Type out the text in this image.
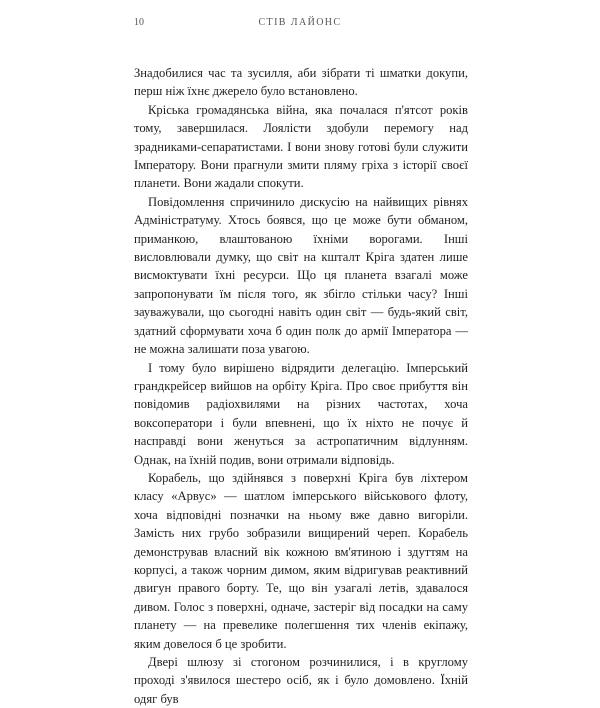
10	СТІВ ЛАЙОНС

Знадобилися час та зусилля, аби зібрати ті шматки докупи, перш ніж їхнє джерело було встановлено.

Кріська громадянська війна, яка почалася п'ятсот років тому, завершилася. Лоялісти здобули перемогу над зрадниками-сепаратистами. І вони знову готові були служити Імператору. Вони прагнули змити пляму гріха з історії своєї планети. Вони жадали спокути.

Повідомлення спричинило дискусію на найвищих рівнях Адміністратуму. Хтось боявся, що це може бути обманом, приманкою, влаштованою їхніми ворогами. Інші висловлювали думку, що світ на кшталт Кріга здатен лише висмоктувати їхні ресурси. Що ця планета взагалі може запропонувати їм після того, як збігло стільки часу? Інші зауважували, що сьогодні навіть один світ — будь-який світ, здатний сформувати хоча б один полк до армії Імператора — не можна залишати поза увагою.

І тому було вирішено відрядити делегацію. Імперський грандкрейсер вийшов на орбіту Кріга. Про своє прибуття він повідомив радіохвилями на різних частотах, хоча воксоператори і були впевнені, що їх ніхто не почує й насправді вони женуться за астропатичним відлунням. Однак, на їхній подив, вони отримали відповідь.

Корабель, що здійнявся з поверхні Кріга був ліхтером класу «Арвус» — шатлом імперського військового флоту, хоча відповідні позначки на ньому вже давно вигоріли. Замість них грубо зобразили вищирений череп. Корабель демонстрував власний вік кожною вм'ятиною і здуттям на корпусі, а також чорним димом, яким відригував реактивний двигун правого борту. Те, що він узагалі летів, здавалося дивом. Голос з поверхні, одначе, застеріг від посадки на саму планету — на превелике полегшення тих членів екіпажу, яким довелося б це зробити.

Двері шлюзу зі стогоном розчинилися, і в круглому проході з'явилося шестеро осіб, як і було домовлено. Їхній одяг був
